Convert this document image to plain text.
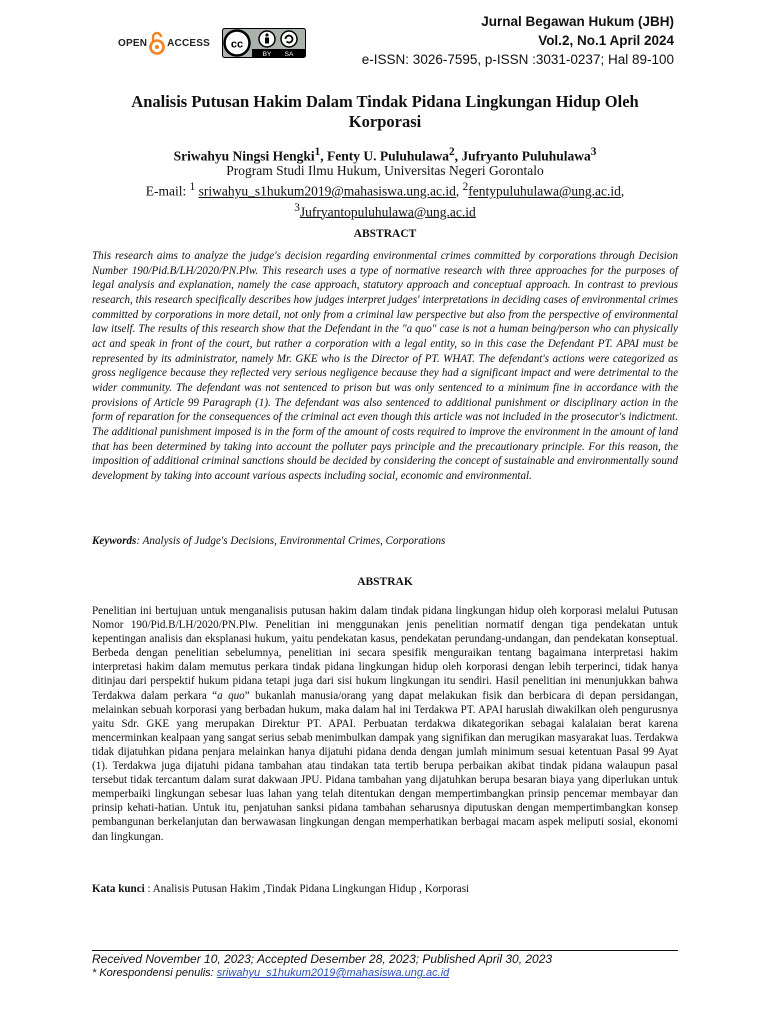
OPEN ACCESS cc
BY SA
Jurnal Begawan Hukum (JBH)
Vol.2, No.1 April 2024
e-ISSN: 3026-7595, p-ISSN :3031-0237; Hal 89-100
Analisis Putusan Hakim Dalam Tindak Pidana Lingkungan Hidup Oleh
Korporasi
Sriwahyu Ningsi Hengki$^1$, Fenty U. Puluhulawa$^2$, Jufryanto Puluhulawa$^3$
Program Studi Ilmu Hukum, Universitas Negeri Gorontalo
E-mail: $^1$ sriwahyu_s1hukum2019@mahasiswa.ung.ac.id, $^2$fentypuluhulawa@ung.ac.id,
$^3$Jufryantopuluhulawa@ung.ac.id
ABSTRACT
This research aims to analyze the judge's decision regarding environmental crimes committed by corporations through Decision Number 190/Pid.B/LH/2020/PN.Plw. This research uses a type of normative research with three approaches for the purposes of legal analysis and explanation, namely the case approach, statutory approach and conceptual approach. In contrast to previous research, this research specifically describes how judges interpret judges' interpretations in deciding cases of environmental crimes committed by corporations in more detail, not only from a criminal law perspective but also from the perspective of environmental law itself. The results of this research show that the Defendant in the "a quo" case is not a human being/person who can physically act and speak in front of the court, but rather a corporation with a legal entity, so in this case the Defendant PT. APAI must be represented by its administrator, namely Mr. GKE who is the Director of PT. WHAT. The defendant's actions were categorized as gross negligence because they reflected very serious negligence because they had a significant impact and were detrimental to the wider community. The defendant was not sentenced to prison but was only sentenced to a minimum fine in accordance with the provisions of Article 99 Paragraph (1). The defendant was also sentenced to additional punishment or disciplinary action in the form of reparation for the consequences of the criminal act even though this article was not included in the prosecutor's indictment. The additional punishment imposed is in the form of the amount of costs required to improve the environment in the amount of land that has been determined by taking into account the polluter pays principle and the precautionary principle. For this reason, the imposition of additional criminal sanctions should be decided by considering the concept of sustainable and environmentally sound development by taking into account various aspects including social, economic and environmental.
Keywords: Analysis of Judge's Decisions, Environmental Crimes, Corporations
ABSTRAK
Penelitian ini bertujuan untuk menganalisis putusan hakim dalam tindak pidana lingkungan hidup oleh korporasi melalui Putusan Nomor 190/Pid.B/LH/2020/PN.Plw. Penelitian ini menggunakan jenis penelitian normatif dengan tiga pendekatan untuk kepentingan analisis dan eksplanasi hukum, yaitu pendekatan kasus, pendekatan perundang-undangan, dan pendekatan konseptual. Berbeda dengan penelitian sebelumnya, penelitian ini secara spesifik menguraikan tentang bagaimana interpretasi hakim interpretasi hakim dalam memutus perkara tindak pidana lingkungan hidup oleh korporasi dengan lebih terperinci, tidak hanya ditinjau dari perspektif hukum pidana tetapi juga dari sisi hukum lingkungan itu sendiri. Hasil penelitian ini menunjukkan bahwa Terdakwa dalam perkara “a quo” bukanlah manusia/orang yang dapat melakukan fisik dan berbicara di depan persidangan, melainkan sebuah korporasi yang berbadan hukum, maka dalam hal ini Terdakwa PT. APAI haruslah diwakilkan oleh pengurusnya yaitu Sdr. GKE yang merupakan Direktur PT. APAI. Perbuatan terdakwa dikategorikan sebagai kalalaian berat karena mencerminkan kealpaan yang sangat serius sebab menimbulkan dampak yang signifikan dan merugikan masyarakat luas. Terdakwa tidak dijatuhkan pidana penjara melainkan hanya dijatuhi pidana denda dengan jumlah minimum sesuai ketentuan Pasal 99 Ayat (1). Terdakwa juga dijatuhi pidana tambahan atau tindakan tata tertib berupa perbaikan akibat tindak pidana walaupun pasal tersebut tidak tercantum dalam surat dakwaan JPU. Pidana tambahan yang dijatuhkan berupa besaran biaya yang diperlukan untuk memperbaiki lingkungan sebesar luas lahan yang telah ditentukan dengan mempertimbangkan prinsip pencemar membayar dan prinsip kehati-hatian. Untuk itu, penjatuhan sanksi pidana tambahan seharusnya diputuskan dengan mempertimbangkan konsep pembangunan berkelanjutan dan berwawasan lingkungan dengan memperhatikan berbagai macam aspek meliputi sosial, ekonomi dan lingkungan.
Kata kunci : Analisis Putusan Hakim ,Tindak Pidana Lingkungan Hidup , Korporasi
Received November 10, 2023; Accepted Desember 28, 2023; Published April 30, 2023
* Korespondensi penulis: sriwahyu_s1hukum2019@mahasiswa.ung.ac.id
